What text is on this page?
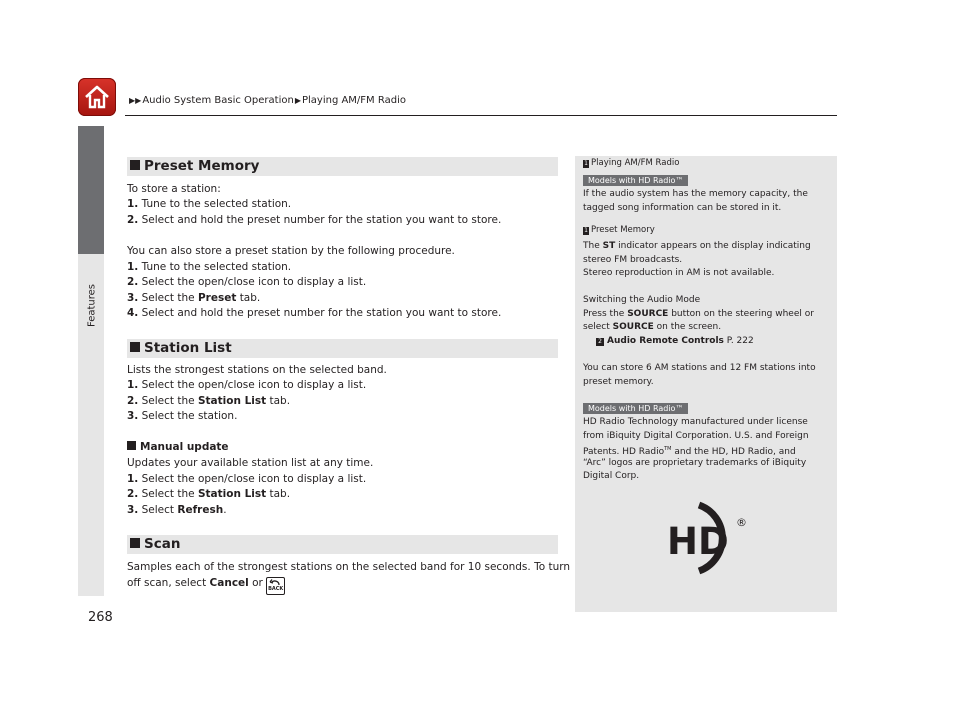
▶▶Audio System Basic Operation▶Playing AM/FM Radio
Features
268
Preset Memory
To store a station:
1. Tune to the selected station.
2. Select and hold the preset number for the station you want to store.
You can also store a preset station by the following procedure.
1. Tune to the selected station.
2. Select the open/close icon to display a list.
3. Select the Preset tab.
4. Select and hold the preset number for the station you want to store.
Station List
Lists the strongest stations on the selected band.
1. Select the open/close icon to display a list.
2. Select the Station List tab.
3. Select the station.
Manual update
Updates your available station list at any time.
1. Select the open/close icon to display a list.
2. Select the Station List tab.
3. Select Refresh.
Scan
Samples each of the strongest stations on the selected band for 10 seconds. To turn
off scan, select Cancel or BACK
1 Playing AM/FM Radio
Models with HD Radio™
If the audio system has the memory capacity, the
tagged song information can be stored in it.
1 Preset Memory
The ST indicator appears on the display indicating
stereo FM broadcasts.
Stereo reproduction in AM is not available.
Switching the Audio Mode
Press the SOURCE button on the steering wheel or
select SOURCE on the screen.
2 Audio Remote Controls P. 222
You can store 6 AM stations and 12 FM stations into
preset memory.
Models with HD Radio™
HD Radio Technology manufactured under license
from iBiquity Digital Corporation. U.S. and Foreign
Patents. HD Radio™ and the HD, HD Radio, and
“Arc” logos are proprietary trademarks of iBiquity
Digital Corp.
HD ®
